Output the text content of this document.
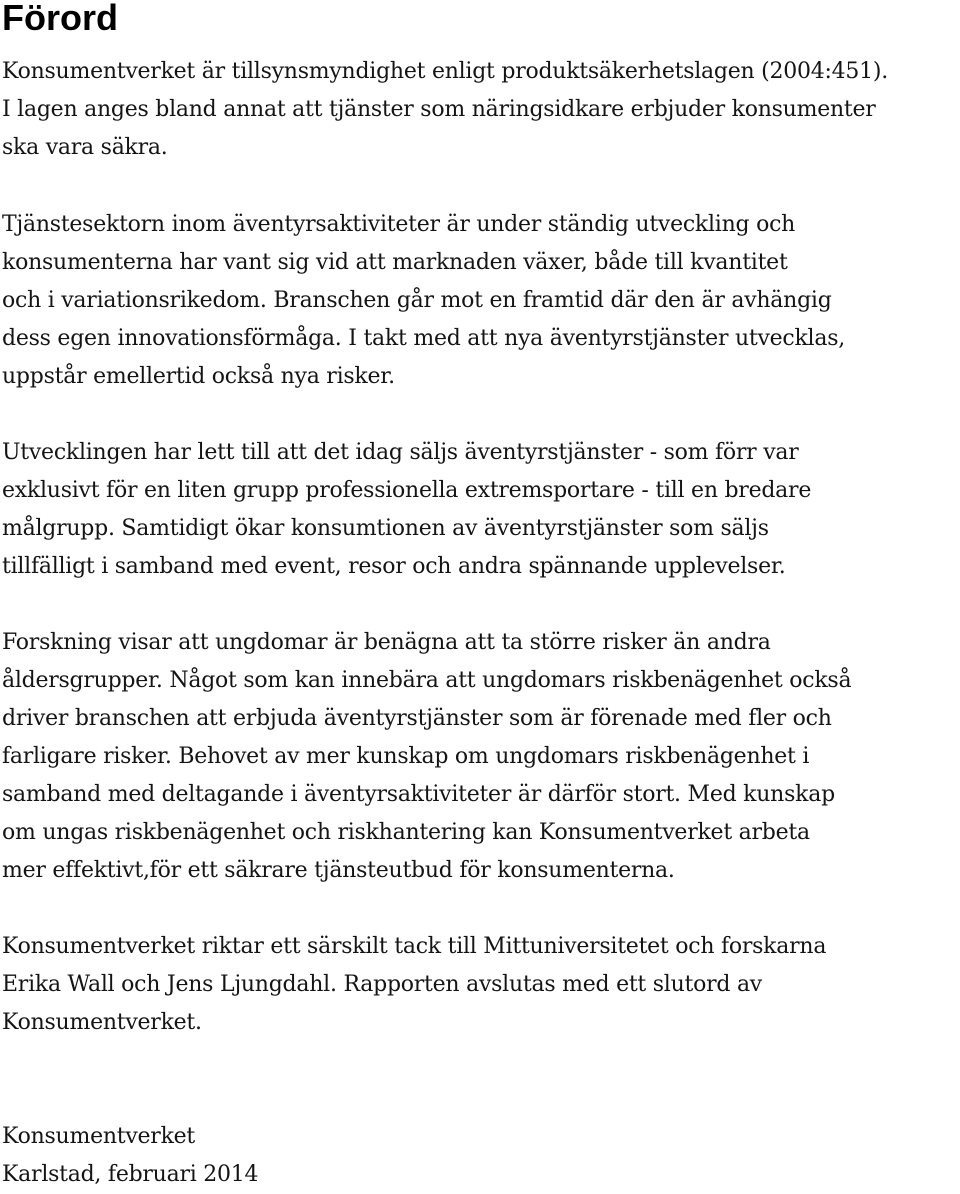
Förord

Konsumentverket är tillsynsmyndighet enligt produktsäkerhetslagen (2004:451).
I lagen anges bland annat att tjänster som näringsidkare erbjuder konsumenter
ska vara säkra.

Tjänstesektorn inom äventyrsaktiviteter är under ständig utveckling och
konsumenterna har vant sig vid att marknaden växer, både till kvantitet
och i variationsrikedom. Branschen går mot en framtid där den är avhängig
dess egen innovationsförmåga. I takt med att nya äventyrstjänster utvecklas,
uppstår emellertid också nya risker.

Utvecklingen har lett till att det idag säljs äventyrstjänster - som förr var
exklusivt för en liten grupp professionella extremsportare - till en bredare
målgrupp. Samtidigt ökar konsumtionen av äventyrstjänster som säljs
tillfälligt i samband med event, resor och andra spännande upplevelser.

Forskning visar att ungdomar är benägna att ta större risker än andra
åldersgrupper. Något som kan innebära att ungdomars riskbenägenhet också
driver branschen att erbjuda äventyrstjänster som är förenade med fler och
farligare risker. Behovet av mer kunskap om ungdomars riskbenägenhet i
samband med deltagande i äventyrsaktiviteter är därför stort. Med kunskap
om ungas riskbenägenhet och riskhantering kan Konsumentverket arbeta
mer effektivt,för ett säkrare tjänsteutbud för konsumenterna.

Konsumentverket riktar ett särskilt tack till Mittuniversitetet och forskarna
Erika Wall och Jens Ljungdahl. Rapporten avslutas med ett slutord av
Konsumentverket.

Konsumentverket
Karlstad, februari 2014
